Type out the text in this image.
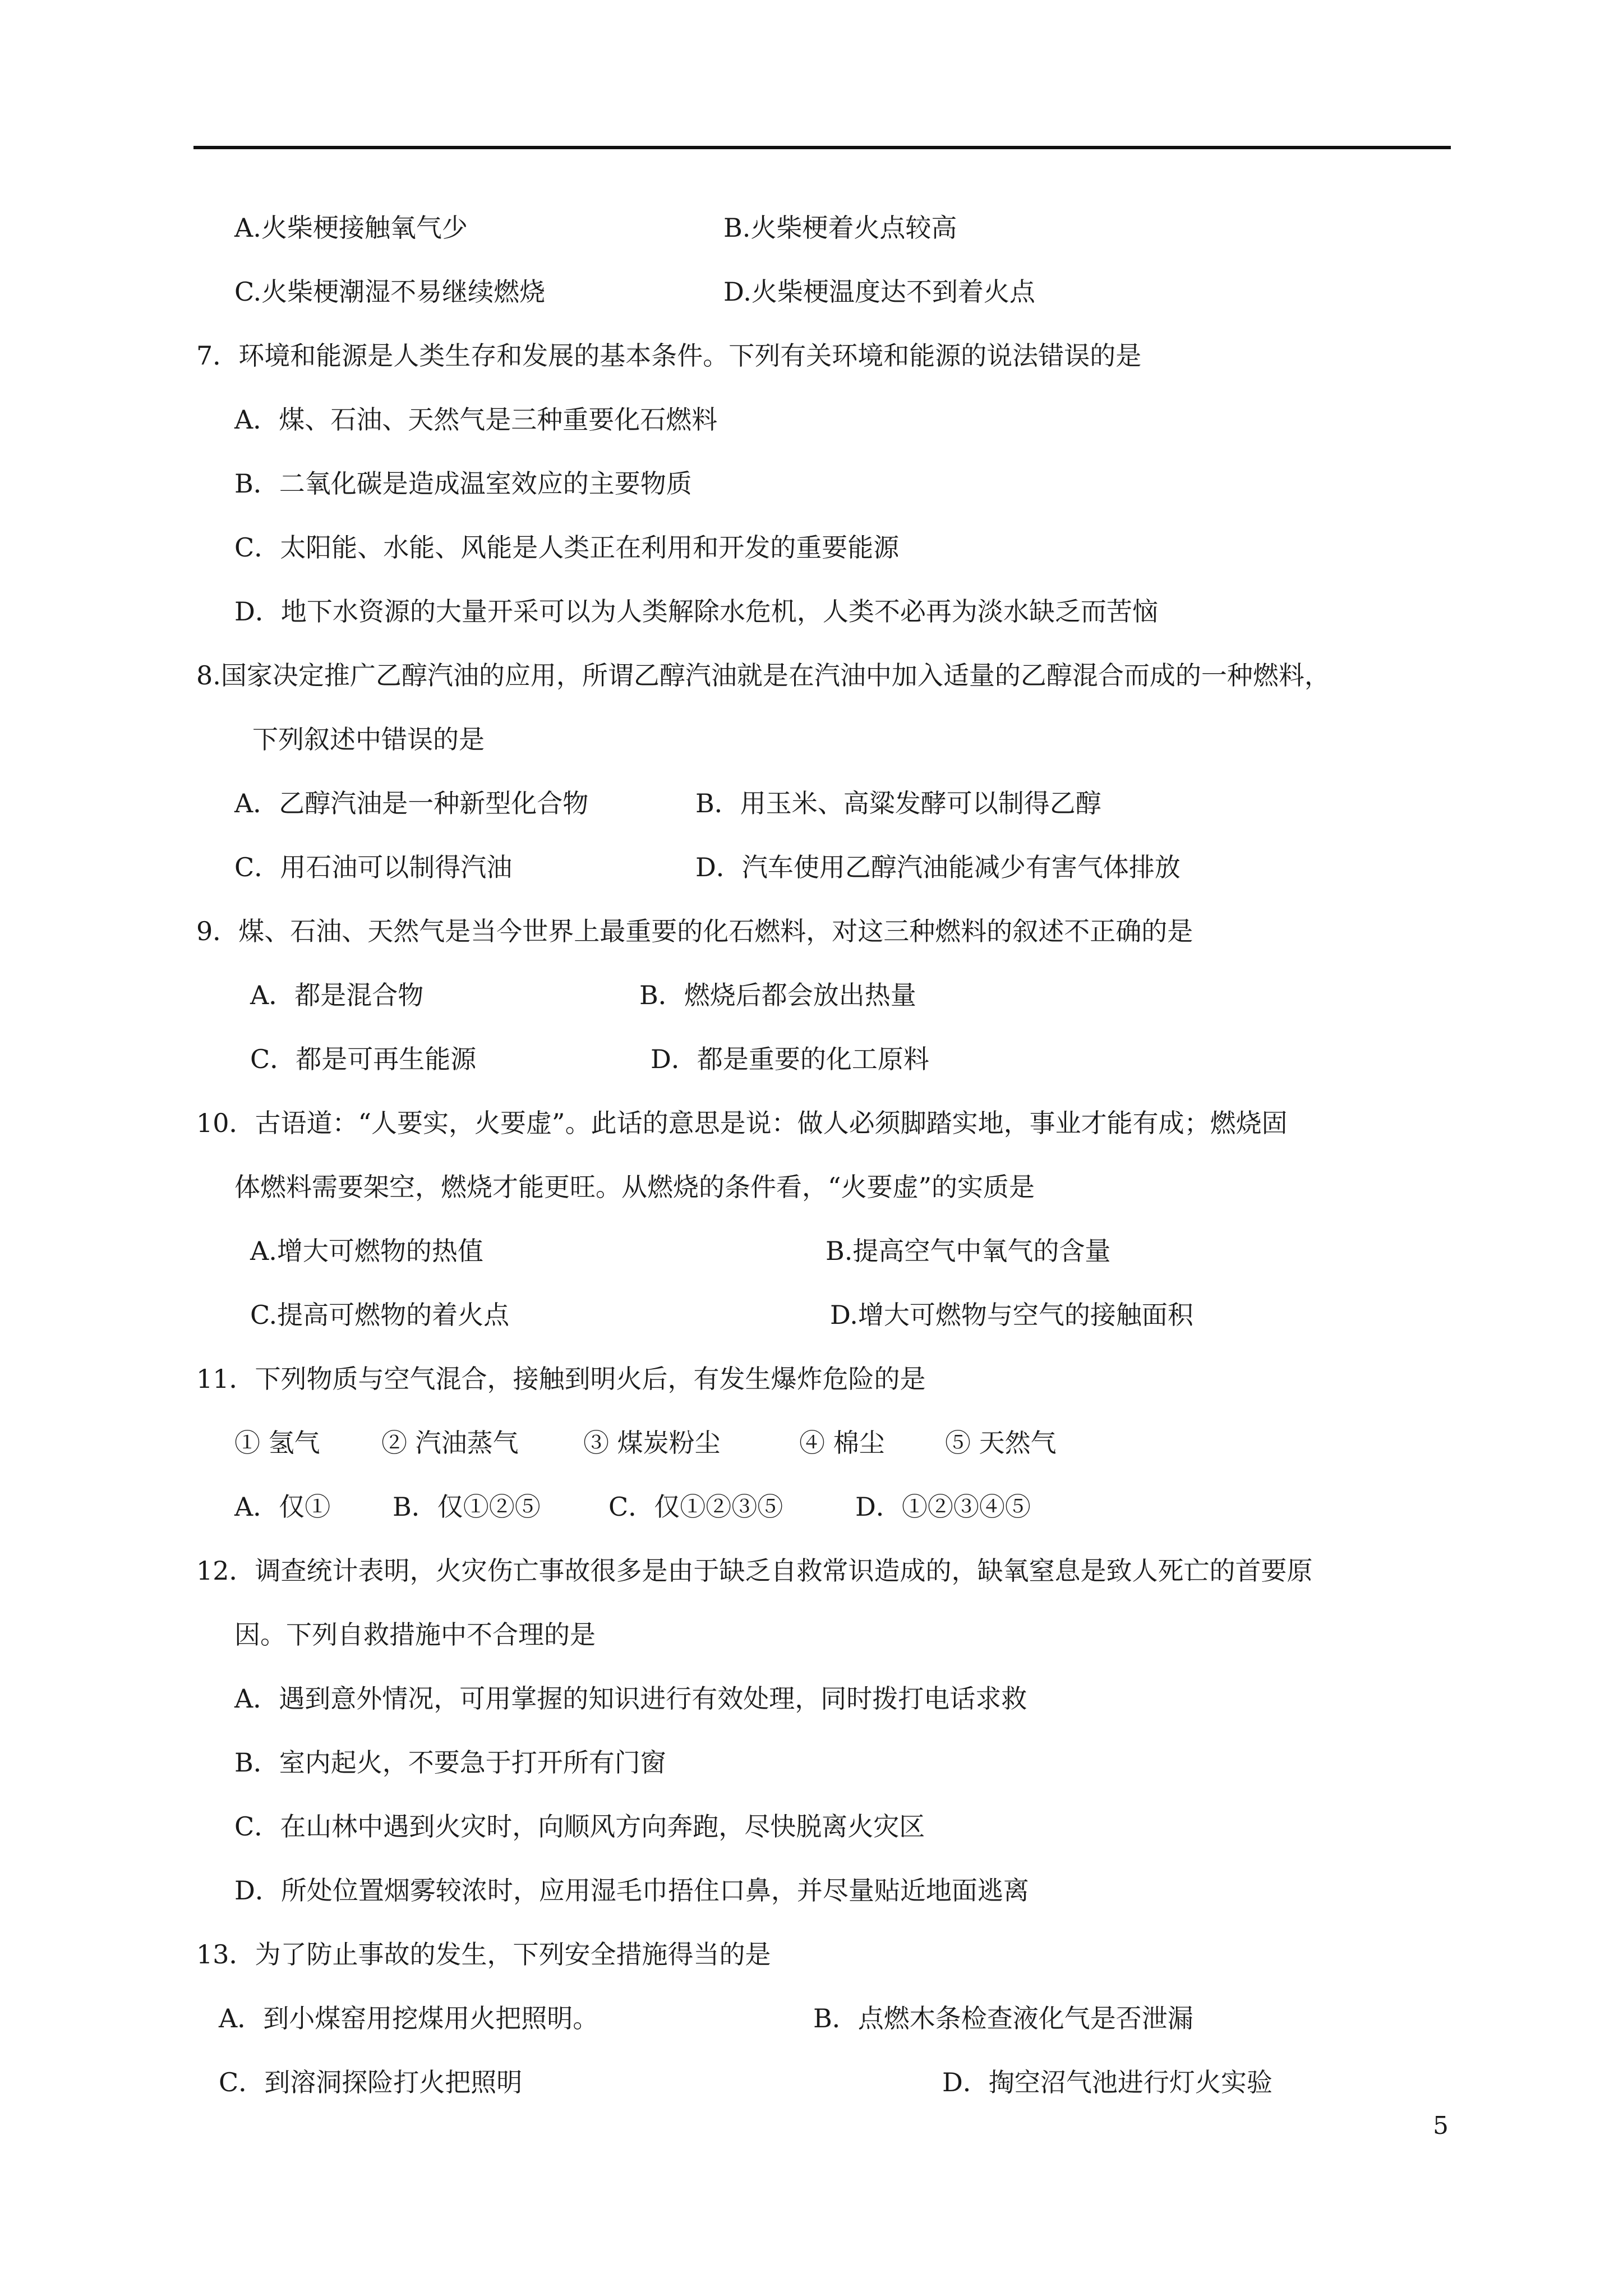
A.火柴梗接触氧气少	B.火柴梗着火点较高
C.火柴梗潮湿不易继续燃烧	D.火柴梗温度达不到着火点
7．环境和能源是人类生存和发展的基本条件。下列有关环境和能源的说法错误的是
A．煤、石油、天然气是三种重要化石燃料
B．二氧化碳是造成温室效应的主要物质
C．太阳能、水能、风能是人类正在利用和开发的重要能源
D．地下水资源的大量开采可以为人类解除水危机，人类不必再为淡水缺乏而苦恼
8.国家决定推广乙醇汽油的应用，所谓乙醇汽油就是在汽油中加入适量的乙醇混合而成的一种燃料，
下列叙述中错误的是
A．乙醇汽油是一种新型化合物	B．用玉米、高粱发酵可以制得乙醇
C．用石油可以制得汽油	D．汽车使用乙醇汽油能减少有害气体排放
9．煤、石油、天然气是当今世界上最重要的化石燃料，对这三种燃料的叙述不正确的是
A．都是混合物	B．燃烧后都会放出热量
C．都是可再生能源	D．都是重要的化工原料
10．古语道：“人要实，火要虚”。此话的意思是说：做人必须脚踏实地，事业才能有成；燃烧固
体燃料需要架空，燃烧才能更旺。从燃烧的条件看，“火要虚”的实质是
A.增大可燃物的热值	B.提高空气中氧气的含量
C.提高可燃物的着火点	D.增大可燃物与空气的接触面积
11．下列物质与空气混合，接触到明火后，有发生爆炸危险的是
① 氢气 ② 汽油蒸气	③ 煤炭粉尘	④ 棉尘 ⑤ 天然气
A．仅① B．仅①②⑤	C．仅①②③⑤	D．①②③④⑤
12．调查统计表明，火灾伤亡事故很多是由于缺乏自救常识造成的，缺氧窒息是致人死亡的首要原
因。下列自救措施中不合理的是
A．遇到意外情况，可用掌握的知识进行有效处理，同时拨打电话求救
B．室内起火，不要急于打开所有门窗
C．在山林中遇到火灾时，向顺风方向奔跑，尽快脱离火灾区
D．所处位置烟雾较浓时，应用湿毛巾捂住口鼻，并尽量贴近地面逃离
13．为了防止事故的发生，下列安全措施得当的是
A．到小煤窑用挖煤用火把照明。	B．点燃木条检查液化气是否泄漏
C．到溶洞探险打火把照明	D．掏空沼气池进行灯火实验
5
